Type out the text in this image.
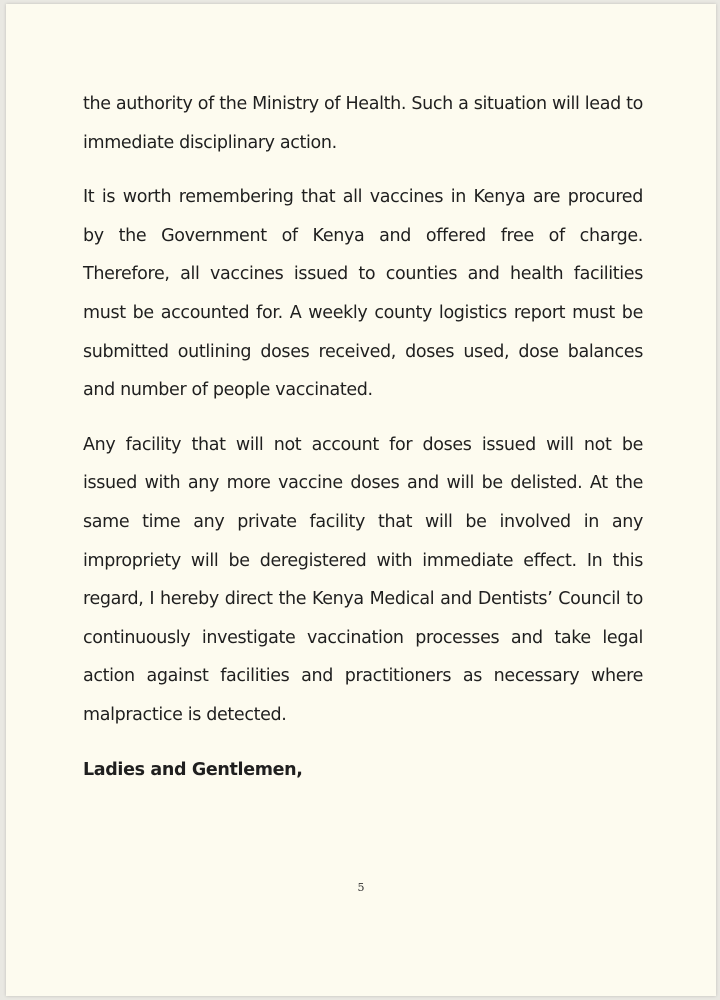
the authority of the Ministry of Health. Such a situation will lead to immediate disciplinary action.

It is worth remembering that all vaccines in Kenya are procured by the Government of Kenya and offered free of charge. Therefore, all vaccines issued to counties and health facilities must be accounted for. A weekly county logistics report must be submitted outlining doses received, doses used, dose balances and number of people vaccinated.

Any facility that will not account for doses issued will not be issued with any more vaccine doses and will be delisted. At the same time any private facility that will be involved in any impropriety will be deregistered with immediate effect. In this regard, I hereby direct the Kenya Medical and Dentists’ Council to continuously investigate vaccination processes and take legal action against facilities and practitioners as necessary where malpractice is detected.

Ladies and Gentlemen,

5
